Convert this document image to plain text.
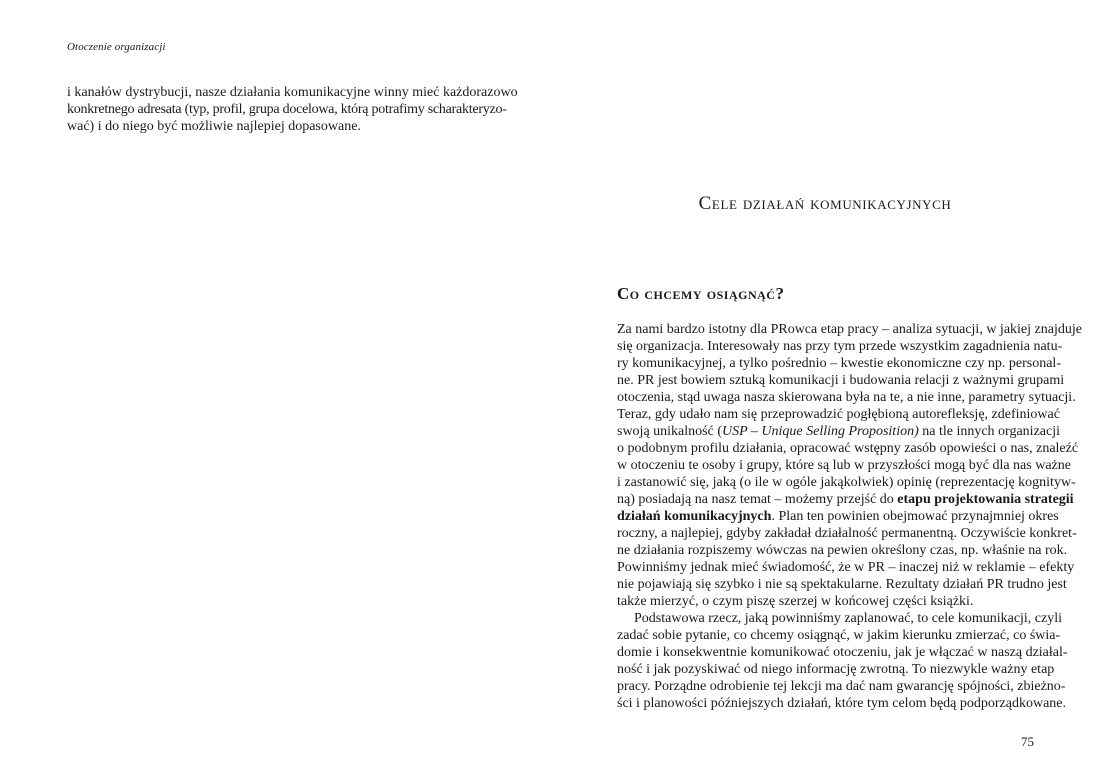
Otoczenie organizacji
i kanałów dystrybucji, nasze działania komunikacyjne winny mieć każdorazowo
konkretnego adresata (typ, profil, grupa docelowa, którą potrafimy scharakteryzo-
wać) i do niego być możliwie najlepiej dopasowane.
Cele działań komunikacyjnych
Co chcemy osiągnąć?
Za nami bardzo istotny dla PRowca etap pracy – analiza sytuacji, w jakiej znajduje
się organizacja. Interesowały nas przy tym przede wszystkim zagadnienia natu-
ry komunikacyjnej, a tylko pośrednio – kwestie ekonomiczne czy np. personal-
ne. PR jest bowiem sztuką komunikacji i budowania relacji z ważnymi grupami
otoczenia, stąd uwaga nasza skierowana była na te, a nie inne, parametry sytuacji.
Teraz, gdy udało nam się przeprowadzić pogłębioną autorefleksję, zdefiniować
swoją unikalność (USP – Unique Selling Proposition) na tle innych organizacji
o podobnym profilu działania, opracować wstępny zasób opowieści o nas, znaleźć
w otoczeniu te osoby i grupy, które są lub w przyszłości mogą być dla nas ważne
i zastanowić się, jaką (o ile w ogóle jakąkolwiek) opinię (reprezentację kognityw-
ną) posiadają na nasz temat – możemy przejść do etapu projektowania strategii
działań komunikacyjnych. Plan ten powinien obejmować przynajmniej okres
roczny, a najlepiej, gdyby zakładał działalność permanentną. Oczywiście konkret-
ne działania rozpiszemy wówczas na pewien określony czas, np. właśnie na rok.
Powinniśmy jednak mieć świadomość, że w PR – inaczej niż w reklamie – efekty
nie pojawiają się szybko i nie są spektakularne. Rezultaty działań PR trudno jest
także mierzyć, o czym piszę szerzej w końcowej części książki.
Podstawowa rzecz, jaką powinniśmy zaplanować, to cele komunikacji, czyli
zadać sobie pytanie, co chcemy osiągnąć, w jakim kierunku zmierzać, co świa-
domie i konsekwentnie komunikować otoczeniu, jak je włączać w naszą działal-
ność i jak pozyskiwać od niego informację zwrotną. To niezwykle ważny etap
pracy. Porządne odrobienie tej lekcji ma dać nam gwarancję spójności, zbieżno-
ści i planowości późniejszych działań, które tym celom będą podporządkowane.
75
